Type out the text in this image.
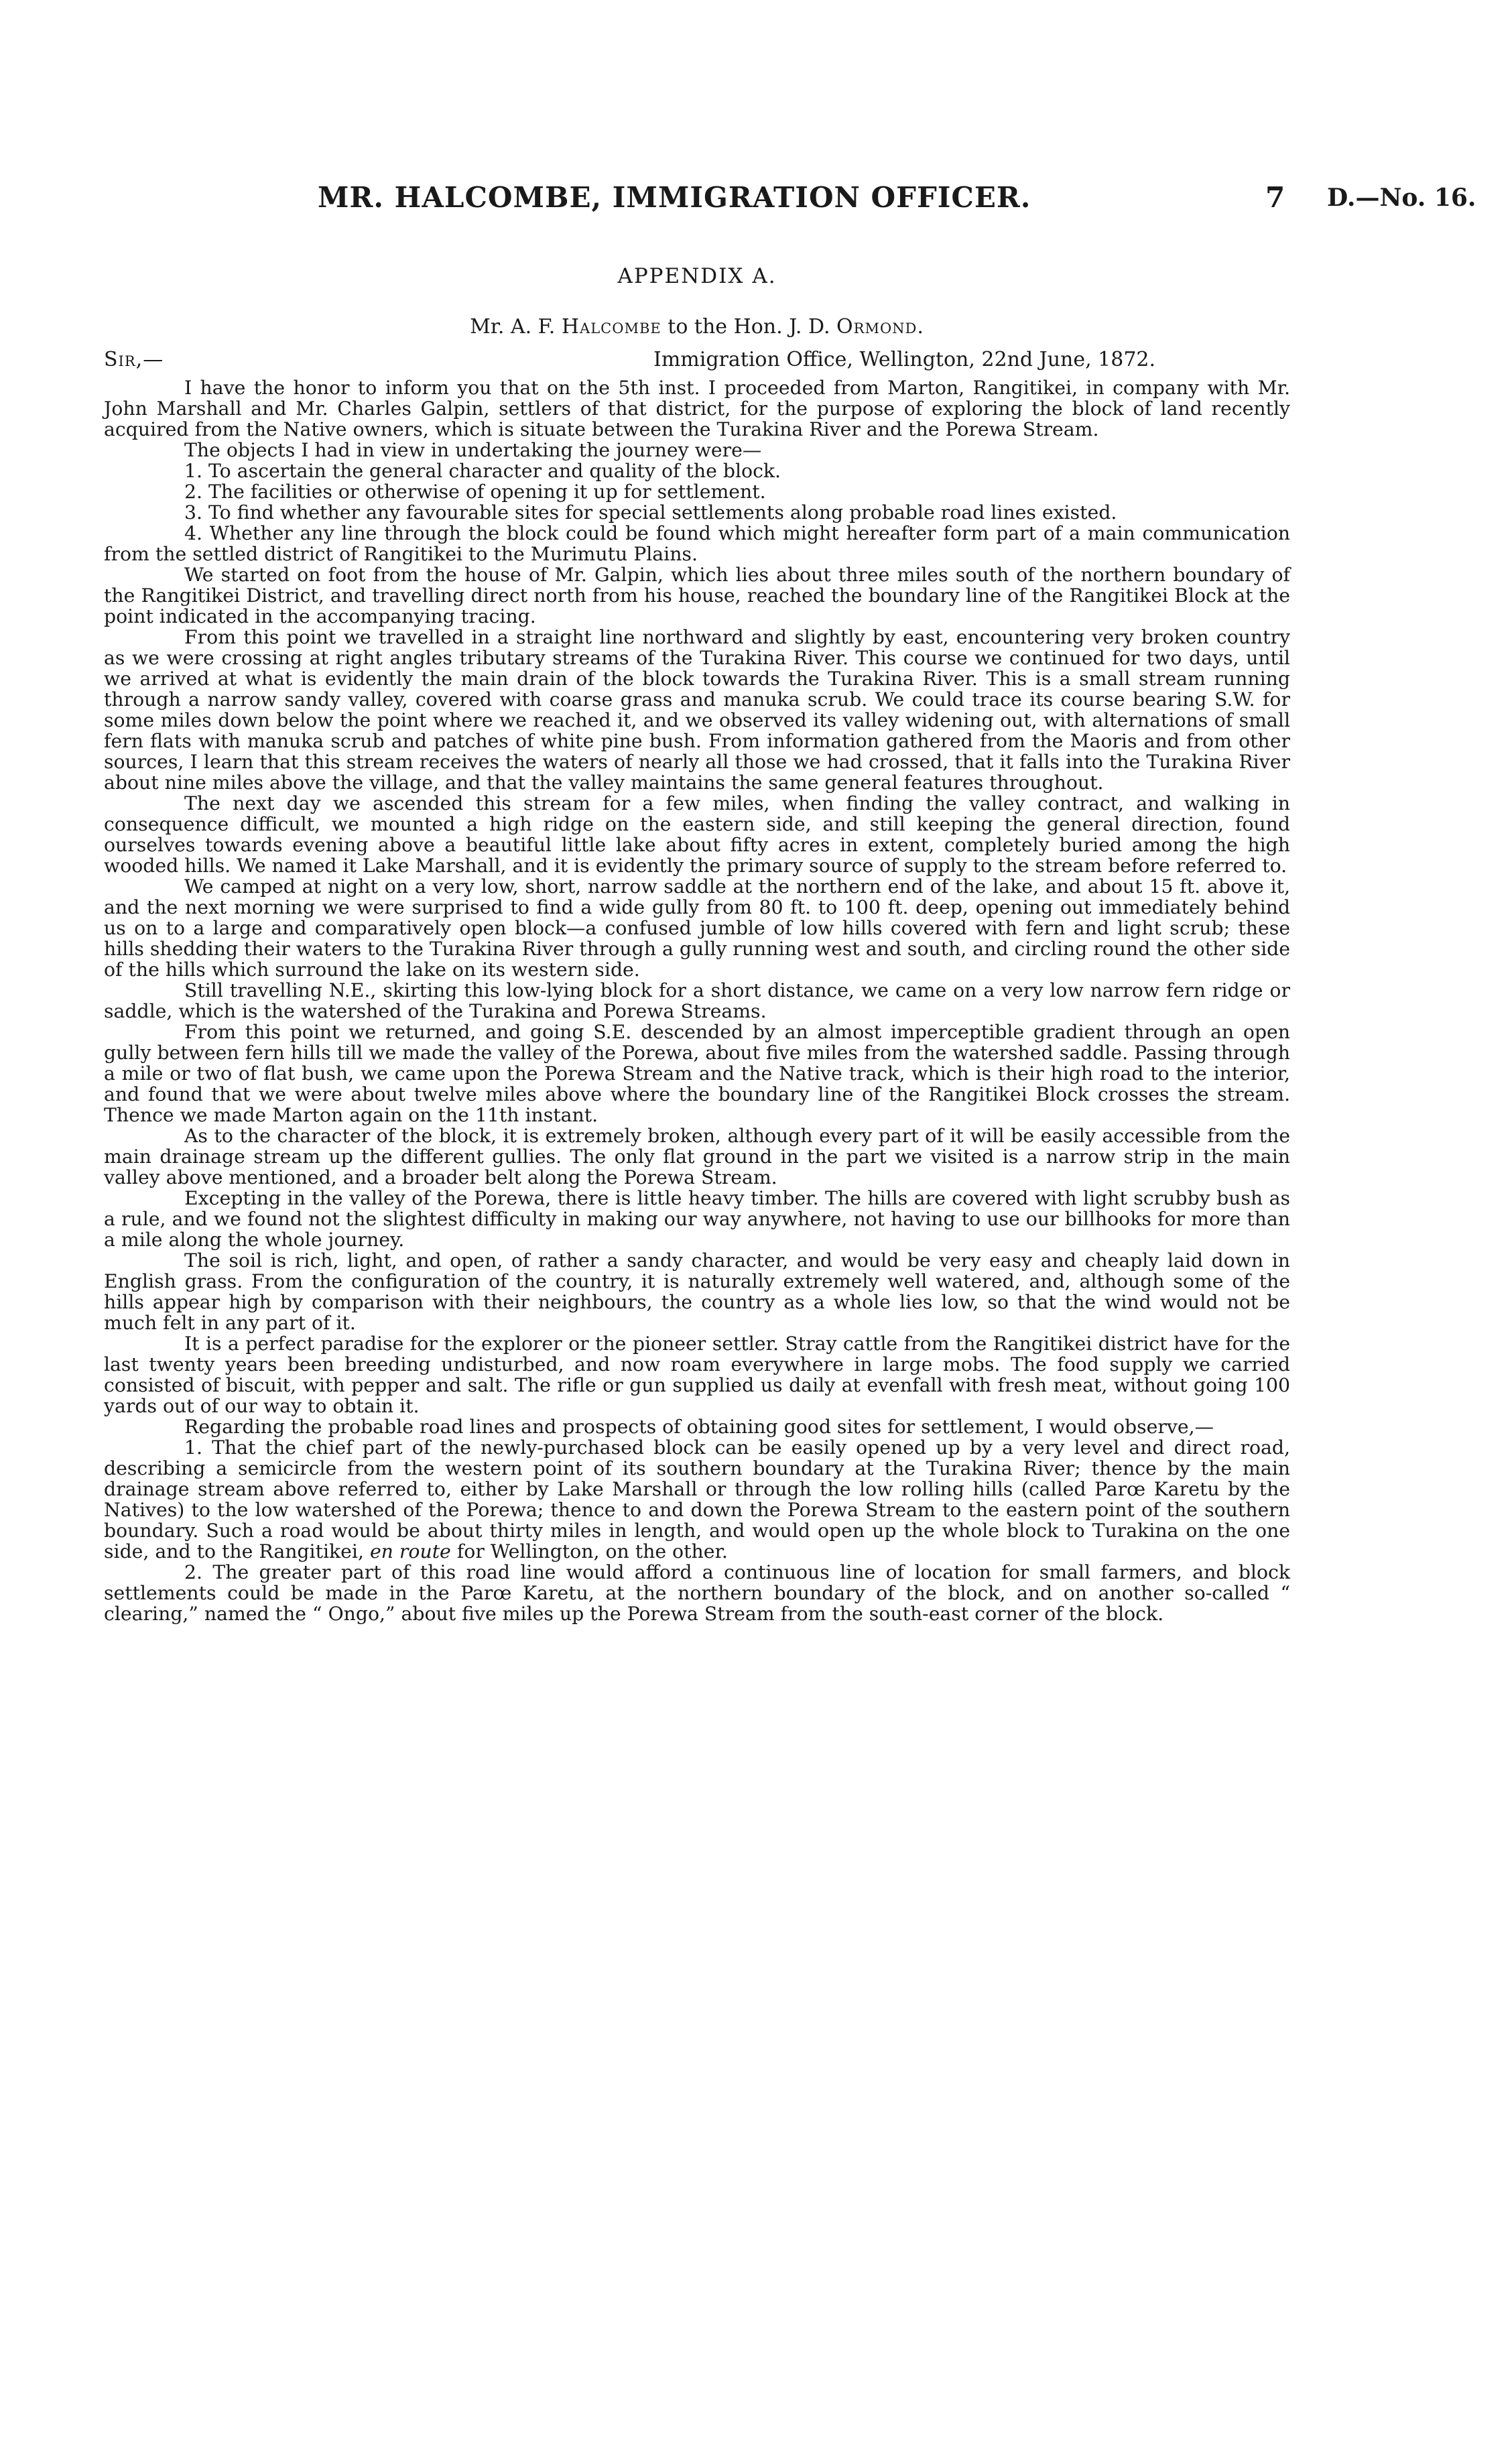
MR. HALCOMBE, IMMIGRATION OFFICER.	7 D.—No. 16.
APPENDIX A.
Mr. A. F. Halcombe to the Hon. J. D. Ormond.
Sir,—	Immigration Office, Wellington, 22nd June, 1872.

I have the honor to inform you that on the 5th inst. I proceeded from Marton, Rangitikei, in company with Mr. John Marshall and Mr. Charles Galpin, settlers of that district, for the purpose of exploring the block of land recently acquired from the Native owners, which is situate between the Turakina River and the Porewa Stream.

The objects I had in view in undertaking the journey were—

1. To ascertain the general character and quality of the block.

2. The facilities or otherwise of opening it up for settlement.

3. To find whether any favourable sites for special settlements along probable road lines existed.

4. Whether any line through the block could be found which might hereafter form part of a main communication from the settled district of Rangitikei to the Murimutu Plains.

We started on foot from the house of Mr. Galpin, which lies about three miles south of the northern boundary of the Rangitikei District, and travelling direct north from his house, reached the boundary line of the Rangitikei Block at the point indicated in the accompanying tracing.

From this point we travelled in a straight line northward and slightly by east, encountering very broken country as we were crossing at right angles tributary streams of the Turakina River. This course we continued for two days, until we arrived at what is evidently the main drain of the block towards the Turakina River. This is a small stream running through a narrow sandy valley, covered with coarse grass and manuka scrub. We could trace its course bearing S.W. for some miles down below the point where we reached it, and we observed its valley widening out, with alternations of small fern flats with manuka scrub and patches of white pine bush. From information gathered from the Maoris and from other sources, I learn that this stream receives the waters of nearly all those we had crossed, that it falls into the Turakina River about nine miles above the village, and that the valley maintains the same general features throughout.

The next day we ascended this stream for a few miles, when finding the valley contract, and walking in consequence difficult, we mounted a high ridge on the eastern side, and still keeping the general direction, found ourselves towards evening above a beautiful little lake about fifty acres in extent, completely buried among the high wooded hills. We named it Lake Marshall, and it is evidently the primary source of supply to the stream before referred to.

We camped at night on a very low, short, narrow saddle at the northern end of the lake, and about 15 ft. above it, and the next morning we were surprised to find a wide gully from 80 ft. to 100 ft. deep, opening out immediately behind us on to a large and comparatively open block—a confused jumble of low hills covered with fern and light scrub; these hills shedding their waters to the Turakina River through a gully running west and south, and circling round the other side of the hills which surround the lake on its western side.

Still travelling N.E., skirting this low-lying block for a short distance, we came on a very low narrow fern ridge or saddle, which is the watershed of the Turakina and Porewa Streams.

From this point we returned, and going S.E. descended by an almost imperceptible gradient through an open gully between fern hills till we made the valley of the Porewa, about five miles from the watershed saddle. Passing through a mile or two of flat bush, we came upon the Porewa Stream and the Native track, which is their high road to the interior, and found that we were about twelve miles above where the boundary line of the Rangitikei Block crosses the stream. Thence we made Marton again on the 11th instant.

As to the character of the block, it is extremely broken, although every part of it will be easily accessible from the main drainage stream up the different gullies. The only flat ground in the part we visited is a narrow strip in the main valley above mentioned, and a broader belt along the Porewa Stream.

Excepting in the valley of the Porewa, there is little heavy timber. The hills are covered with light scrubby bush as a rule, and we found not the slightest difficulty in making our way anywhere, not having to use our billhooks for more than a mile along the whole journey.

The soil is rich, light, and open, of rather a sandy character, and would be very easy and cheaply laid down in English grass. From the configuration of the country, it is naturally extremely well watered, and, although some of the hills appear high by comparison with their neighbours, the country as a whole lies low, so that the wind would not be much felt in any part of it.

It is a perfect paradise for the explorer or the pioneer settler. Stray cattle from the Rangitikei district have for the last twenty years been breeding undisturbed, and now roam everywhere in large mobs. The food supply we carried consisted of biscuit, with pepper and salt. The rifle or gun supplied us daily at evenfall with fresh meat, without going 100 yards out of our way to obtain it.

Regarding the probable road lines and prospects of obtaining good sites for settlement, I would observe,—

1. That the chief part of the newly-purchased block can be easily opened up by a very level and direct road, describing a semicircle from the western point of its southern boundary at the Turakina River; thence by the main drainage stream above referred to, either by Lake Marshall or through the low rolling hills (called Parœ Karetu by the Natives) to the low watershed of the Porewa; thence to and down the Porewa Stream to the eastern point of the southern boundary. Such a road would be about thirty miles in length, and would open up the whole block to Turakina on the one side, and to the Rangitikei, en route for Wellington, on the other.

2. The greater part of this road line would afford a continuous line of location for small farmers, and block settlements could be made in the Parœ Karetu, at the northern boundary of the block, and on another so-called “ clearing,” named the “ Ongo,” about five miles up the Porewa Stream from the south-east corner of the block.
